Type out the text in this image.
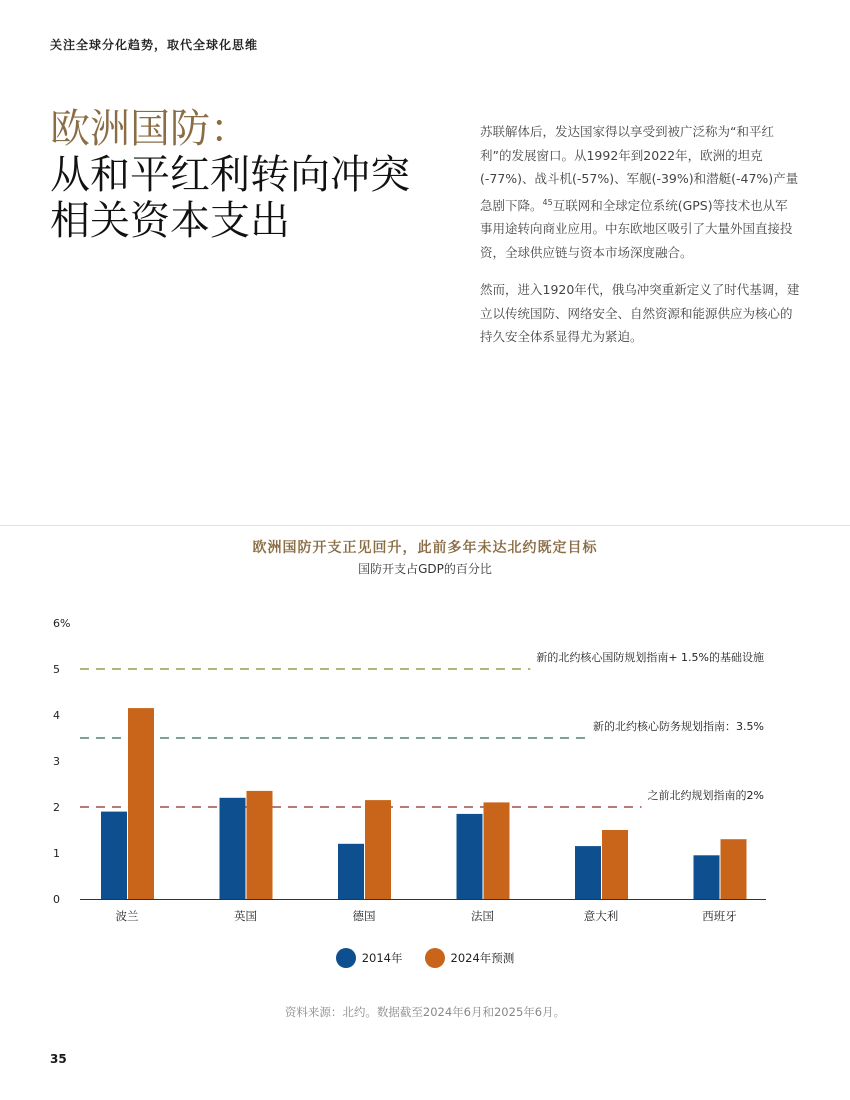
关注全球分化趋势，取代全球化思维
欧洲国防：
从和平红利转向冲突
相关资本支出

苏联解体后，发达国家得以享受到被广泛称为“和平红利”的发展窗口。从1992年到2022年，欧洲的坦克(-77%)、战斗机(-57%)、军舰(-39%)和潜艇(-47%)产量急剧下降。$^{45}$互联网和全球定位系统(GPS)等技术也从军事用途转向商业应用。中东欧地区吸引了大量外国直接投资，全球供应链与资本市场深度融合。

然而，进入1920年代，俄乌冲突重新定义了时代基调，建立以传统国防、网络安全、自然资源和能源供应为核心的持久安全体系显得尤为紧迫。

欧洲国防开支正见回升，此前多年未达北约既定目标
国防开支占GDP的百分比
0
1
2
3
4
5
6%
新的北约核心国防规划指南+ 1.5%的基础设施
新的北约核心防务规划指南：3.5%
之前北约规划指南的2%
波兰	英国	德国	法国	意大利	西班牙
2014年	2024年预测
资料来源：北约。数据截至2024年6月和2025年6月。
35
